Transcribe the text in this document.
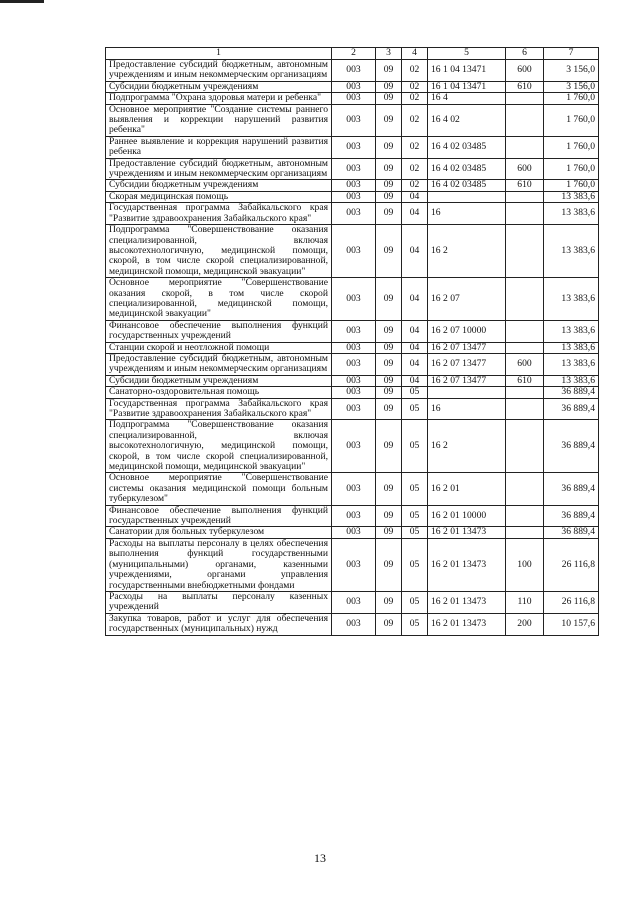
1	2	3	4	5	6	7
Предоставление субсидий бюджетным, автономным учреждениям и иным некоммерческим организациям	003	09	02	16 1 04 13471	600	3 156,0
Субсидии бюджетным учреждениям	003	09	02	16 1 04 13471	610	3 156,0
Подпрограмма "Охрана здоровья матери и ребенка"	003	09	02	16 4		1 760,0
Основное мероприятие "Создание системы раннего выявления и коррекции нарушений развития ребенка"	003	09	02	16 4 02		1 760,0
Раннее выявление и коррекция нарушений развития ребенка	003	09	02	16 4 02 03485		1 760,0
Предоставление субсидий бюджетным, автономным учреждениям и иным некоммерческим организациям	003	09	02	16 4 02 03485	600	1 760,0
Субсидии бюджетным учреждениям	003	09	02	16 4 02 03485	610	1 760,0
Скорая медицинская помощь	003	09	04			13 383,6
Государственная программа Забайкальского края "Развитие здравоохранения Забайкальского края"	003	09	04	16		13 383,6
Подпрограмма "Совершенствование оказания специализированной, включая высокотехнологичную, медицинской помощи, скорой, в том числе скорой специализированной, медицинской помощи, медицинской эвакуации"	003	09	04	16 2		13 383,6
Основное мероприятие "Совершенствование оказания скорой, в том числе скорой специализированной, медицинской помощи, медицинской эвакуации"	003	09	04	16 2 07		13 383,6
Финансовое обеспечение выполнения функций государственных учреждений	003	09	04	16 2 07 10000		13 383,6
Станции скорой и неотложной помощи	003	09	04	16 2 07 13477		13 383,6
Предоставление субсидий бюджетным, автономным учреждениям и иным некоммерческим организациям	003	09	04	16 2 07 13477	600	13 383,6
Субсидии бюджетным учреждениям	003	09	04	16 2 07 13477	610	13 383,6
Санаторно-оздоровительная помощь	003	09	05			36 889,4
Государственная программа Забайкальского края "Развитие здравоохранения Забайкальского края"	003	09	05	16		36 889,4
Подпрограмма "Совершенствование оказания специализированной, включая высокотехнологичную, медицинской помощи, скорой, в том числе скорой специализированной, медицинской помощи, медицинской эвакуации"	003	09	05	16 2		36 889,4
Основное мероприятие "Совершенствование системы оказания медицинской помощи больным туберкулезом"	003	09	05	16 2 01		36 889,4
Финансовое обеспечение выполнения функций государственных учреждений	003	09	05	16 2 01 10000		36 889,4
Санатории для больных туберкулезом	003	09	05	16 2 01 13473		36 889,4
Расходы на выплаты персоналу в целях обеспечения выполнения функций государственными (муниципальными) органами, казенными учреждениями, органами управления государственными внебюджетными фондами	003	09	05	16 2 01 13473	100	26 116,8
Расходы на выплаты персоналу казенных учреждений	003	09	05	16 2 01 13473	110	26 116,8
Закупка товаров, работ и услуг для обеспечения государственных (муниципальных) нужд	003	09	05	16 2 01 13473	200	10 157,6
13
